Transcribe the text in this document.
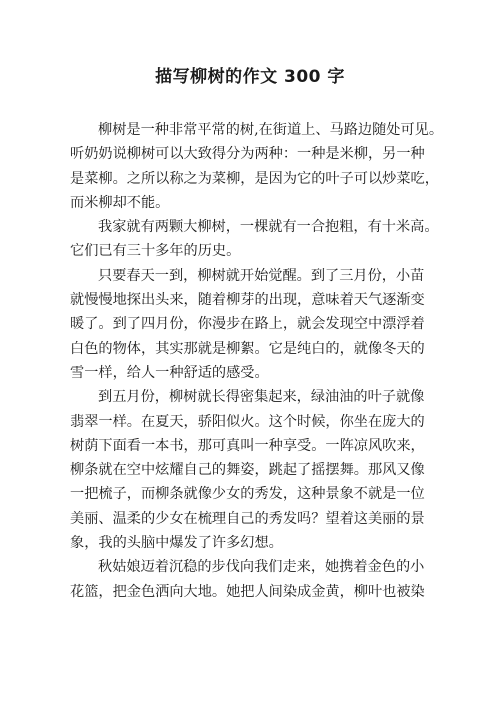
描写柳树的作文 300 字
柳树是一种非常平常的树,在街道上、马路边随处可见。
听奶奶说柳树可以大致得分为两种：一种是米柳，另一种
是菜柳。之所以称之为菜柳，是因为它的叶子可以炒菜吃，
而米柳却不能。
我家就有两颗大柳树，一棵就有一合抱粗，有十米高。
它们已有三十多年的历史。
只要春天一到，柳树就开始觉醒。到了三月份，小苗
就慢慢地探出头来，随着柳芽的出现，意味着天气逐渐变
暖了。到了四月份，你漫步在路上，就会发现空中漂浮着
白色的物体，其实那就是柳絮。它是纯白的，就像冬天的
雪一样，给人一种舒适的感受。
到五月份，柳树就长得密集起来，绿油油的叶子就像
翡翠一样。在夏天，骄阳似火。这个时候，你坐在庞大的
树荫下面看一本书，那可真叫一种享受。一阵凉风吹来，
柳条就在空中炫耀自己的舞姿，跳起了摇摆舞。那风又像
一把梳子，而柳条就像少女的秀发，这种景象不就是一位
美丽、温柔的少女在梳理自己的秀发吗？望着这美丽的景
象，我的头脑中爆发了许多幻想。
秋姑娘迈着沉稳的步伐向我们走来，她携着金色的小
花篮，把金色洒向大地。她把人间染成金黄，柳叶也被染
